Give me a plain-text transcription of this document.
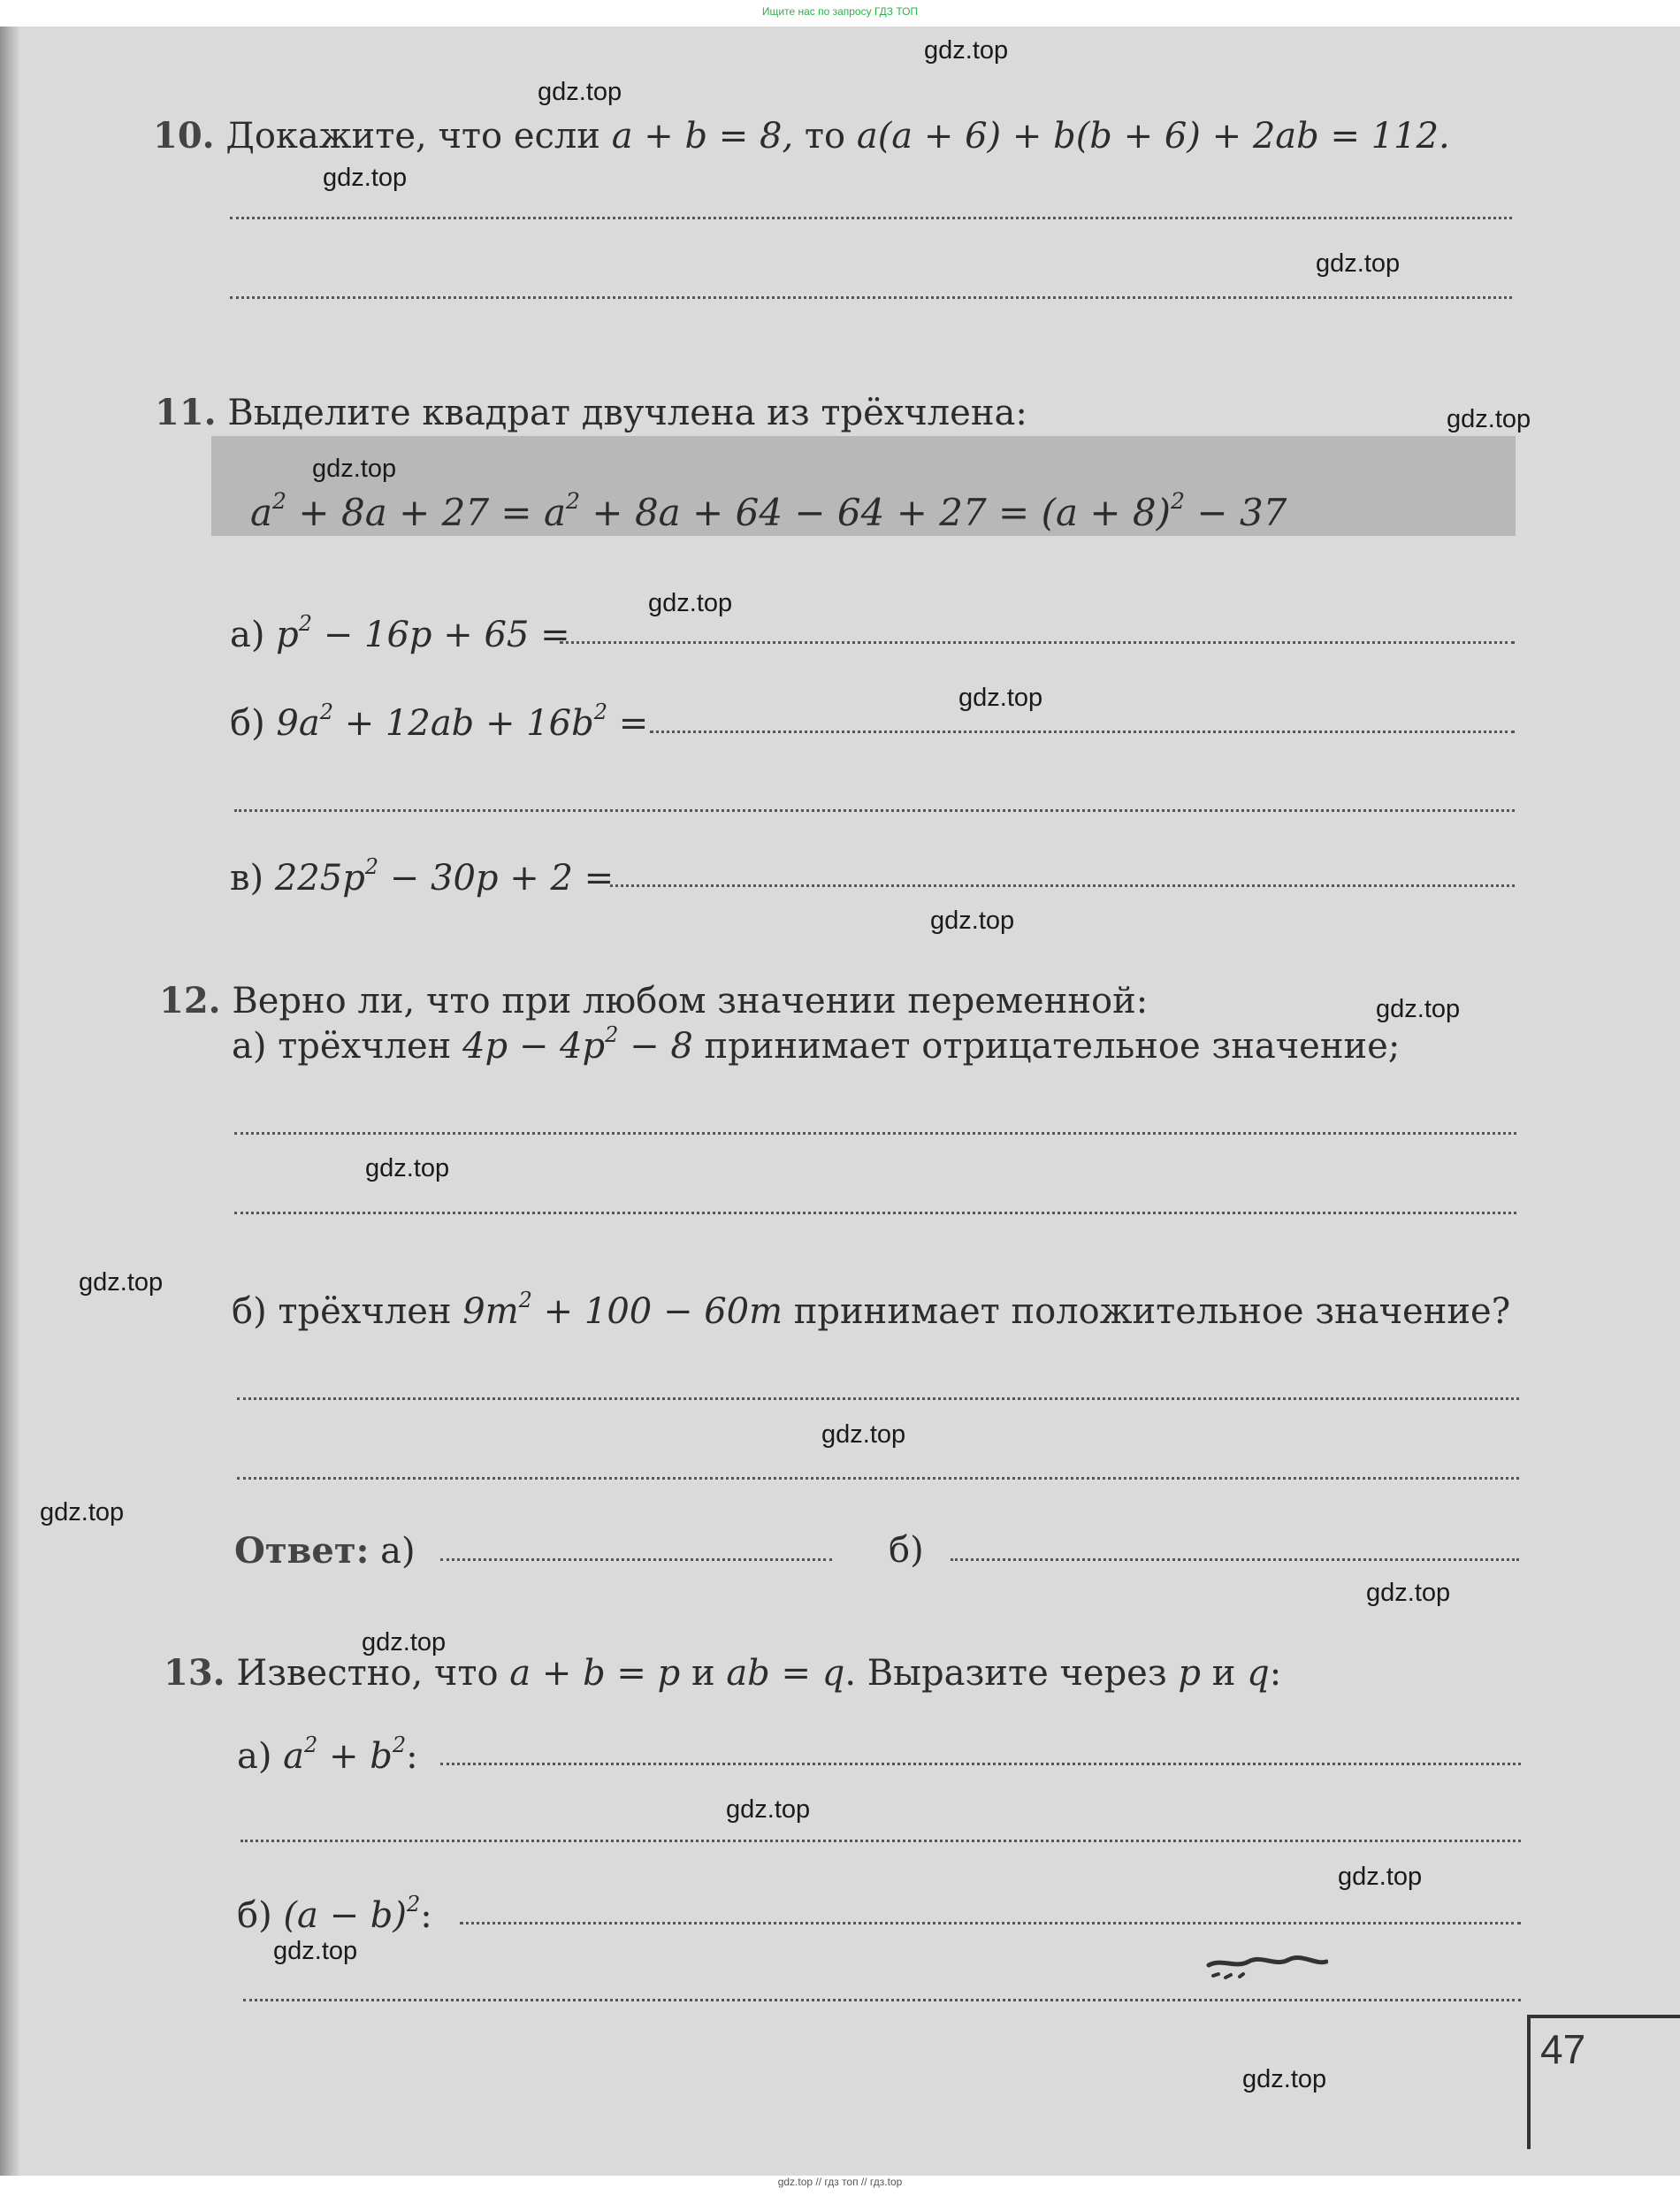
Ищите нас по запросу ГДЗ ТОП
10. Докажите, что если a + b = 8, то a(a + 6) + b(b + 6) + 2ab = 112.
11. Выделите квадрат двучлена из трёхчлена:
$a^2 + 8a + 27 = a^2 + 8a + 64 - 64 + 27 = (a + 8)^2 - 37$
а) $p^2 - 16p + 65$ =
б) $9a^2 + 12ab + 16b^2$ =
в) $225p^2 - 30p + 2$ =
12. Верно ли, что при любом значении переменной:
а) трёхчлен $4p - 4p^2 - 8$ принимает отрицательное значение;
б) трёхчлен $9m^2 + 100 - 60m$ принимает положительное значение?
Ответ: а)	б)
13. Известно, что a + b = p и ab = q. Выразите через p и q:
а) $a^2 + b^2$:
б) $(a - b)^2$:
47
gdz.top
gdz.top
gdz.top
gdz.top
gdz.top
gdz.top
gdz.top
gdz.top
gdz.top
gdz.top
gdz.top
gdz.top
gdz.top
gdz.top
gdz.top
gdz.top
gdz.top
gdz.top
gdz.top
gdz.top
gdz.top // гдз топ // гдз.top
